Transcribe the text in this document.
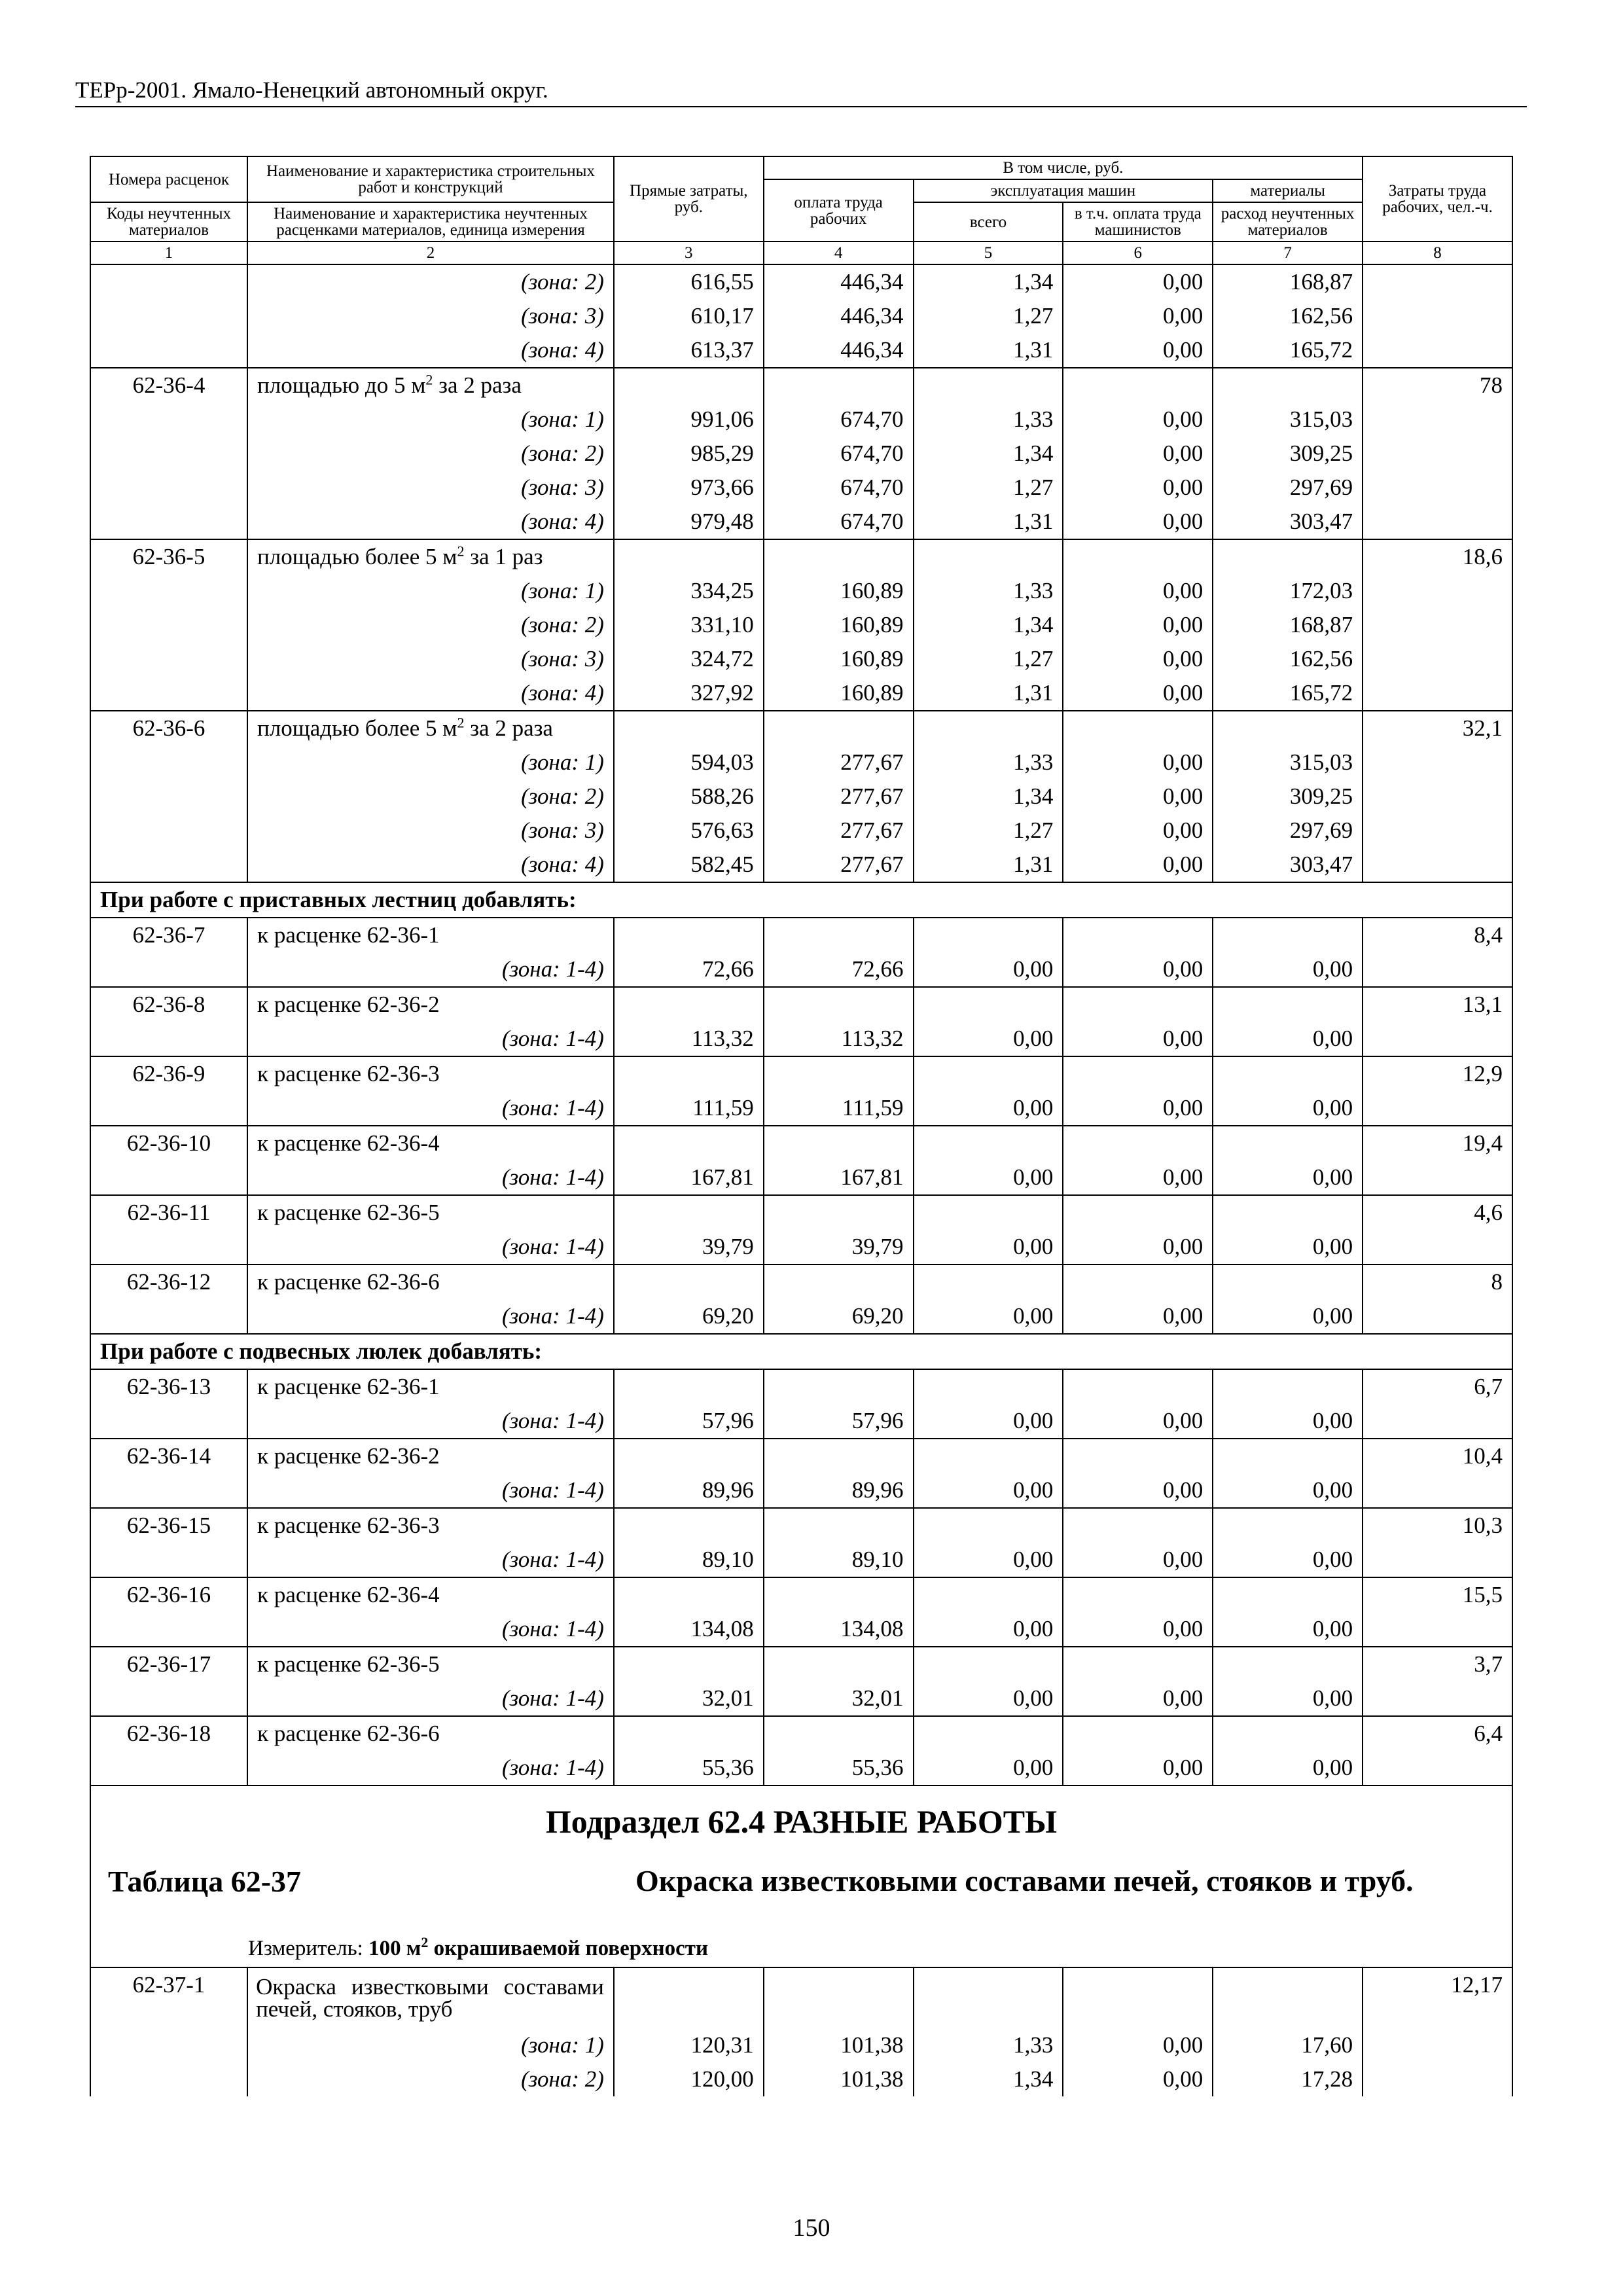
ТЕРр-2001. Ямало-Ненецкий автономный округ.
Номера расценок	Наименование и характеристика строительных работ и конструкций	Прямые затраты, руб.	В том числе, руб.				Затраты труда рабочих, чел.-ч.
			оплата труда рабочих	эксплуатация машин		материалы	
Коды неучтенных материалов	Наименование и характеристика неучтенных расценками материалов, единица измерения			всего	в т.ч. оплата труда машинистов	расход неучтенных материалов	
1	2	3	4	5	6	7	8
	(зона: 2)	616,55	446,34	1,34	0,00	168,87	
	(зона: 3)	610,17	446,34	1,27	0,00	162,56	
	(зона: 4)	613,37	446,34	1,31	0,00	165,72	
62-36-4	площадью до 5 $м^2$ за 2 раза						78
	(зона: 1)	991,06	674,70	1,33	0,00	315,03	
	(зона: 2)	985,29	674,70	1,34	0,00	309,25	
	(зона: 3)	973,66	674,70	1,27	0,00	297,69	
	(зона: 4)	979,48	674,70	1,31	0,00	303,47	
62-36-5	площадью более 5 $м^2$ за 1 раз						18,6
	(зона: 1)	334,25	160,89	1,33	0,00	172,03	
	(зона: 2)	331,10	160,89	1,34	0,00	168,87	
	(зона: 3)	324,72	160,89	1,27	0,00	162,56	
	(зона: 4)	327,92	160,89	1,31	0,00	165,72	
62-36-6	площадью более 5 $м^2$ за 2 раза						32,1
	(зона: 1)	594,03	277,67	1,33	0,00	315,03	
	(зона: 2)	588,26	277,67	1,34	0,00	309,25	
	(зона: 3)	576,63	277,67	1,27	0,00	297,69	
	(зона: 4)	582,45	277,67	1,31	0,00	303,47	
При работе с приставных лестниц добавлять:							
62-36-7	к расценке 62-36-1						8,4
	(зона: 1-4)	72,66	72,66	0,00	0,00	0,00	
62-36-8	к расценке 62-36-2						13,1
	(зона: 1-4)	113,32	113,32	0,00	0,00	0,00	
62-36-9	к расценке 62-36-3						12,9
	(зона: 1-4)	111,59	111,59	0,00	0,00	0,00	
62-36-10	к расценке 62-36-4						19,4
	(зона: 1-4)	167,81	167,81	0,00	0,00	0,00	
62-36-11	к расценке 62-36-5						4,6
	(зона: 1-4)	39,79	39,79	0,00	0,00	0,00	
62-36-12	к расценке 62-36-6						8
	(зона: 1-4)	69,20	69,20	0,00	0,00	0,00	
При работе с подвесных люлек добавлять:							
62-36-13	к расценке 62-36-1						6,7
	(зона: 1-4)	57,96	57,96	0,00	0,00	0,00	
62-36-14	к расценке 62-36-2						10,4
	(зона: 1-4)	89,96	89,96	0,00	0,00	0,00	
62-36-15	к расценке 62-36-3						10,3
	(зона: 1-4)	89,10	89,10	0,00	0,00	0,00	
62-36-16	к расценке 62-36-4						15,5
	(зона: 1-4)	134,08	134,08	0,00	0,00	0,00	
62-36-17	к расценке 62-36-5						3,7
	(зона: 1-4)	32,01	32,01	0,00	0,00	0,00	
62-36-18	к расценке 62-36-6						6,4
	(зона: 1-4)	55,36	55,36	0,00	0,00	0,00	
Подраздел 62.4 РАЗНЫЕ РАБОТЫ							

Таблица 62-37 Окраска известковыми составами печей, стояков и труб.							

Измеритель: 100 $м^2$ окрашиваемой поверхности							
62-37-1	Окраска известковыми составами печей, стояков, труб						12,17
	(зона: 1)	120,31	101,38	1,33	0,00	17,60	
	(зона: 2)	120,00	101,38	1,34	0,00	17,28	
150
